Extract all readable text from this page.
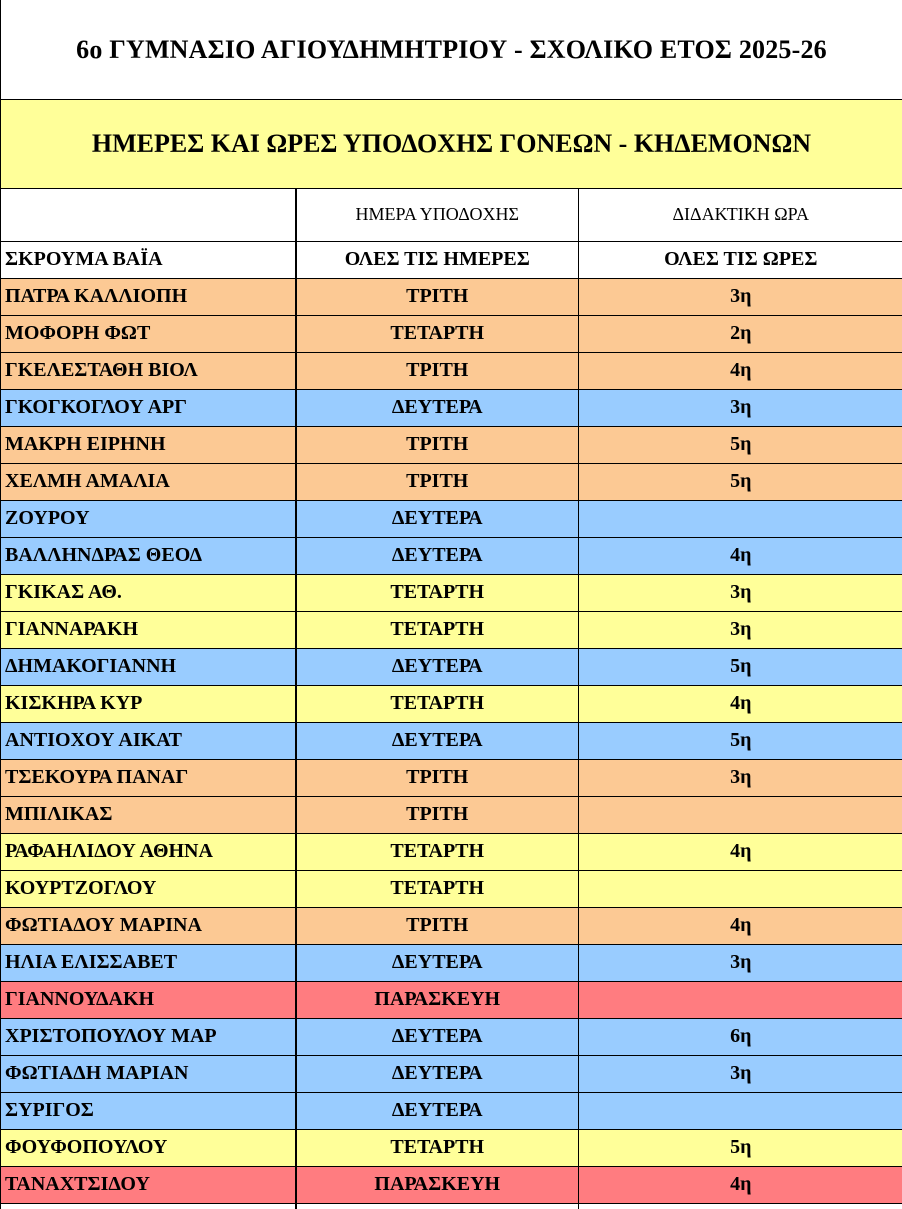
6ο ΓΥΜΝΑΣΙΟ ΑΓΙΟΥΔΗΜΗΤΡΙΟΥ - ΣΧΟΛΙΚΟ ΕΤΟΣ 2025-26
ΗΜΕΡΕΣ ΚΑΙ ΩΡΕΣ ΥΠΟΔΟΧΗΣ ΓΟΝΕΩΝ - ΚΗΔΕΜΟΝΩΝ
	ΗΜΕΡΑ ΥΠΟΔΟΧΗΣ	ΔΙΔΑΚΤΙΚΗ ΩΡΑ
ΣΚΡΟΥΜΑ ΒΑΪΑ	ΟΛΕΣ ΤΙΣ ΗΜΕΡΕΣ	ΟΛΕΣ ΤΙΣ ΩΡΕΣ
ΠΑΤΡΑ ΚΑΛΛΙΟΠΗ	ΤΡΙΤΗ	3η
ΜΟΦΟΡΗ ΦΩΤ	ΤΕΤΑΡΤΗ	2η
ΓΚΕΛΕΣΤΑΘΗ ΒΙΟΛ	ΤΡΙΤΗ	4η
ΓΚΟΓΚΟΓΛΟΥ ΑΡΓ	ΔΕΥΤΕΡΑ	3η
ΜΑΚΡΗ ΕΙΡΗΝΗ	ΤΡΙΤΗ	5η
ΧΕΛΜΗ ΑΜΑΛΙΑ	ΤΡΙΤΗ	5η
ΖΟΥΡΟΥ	ΔΕΥΤΕΡΑ	
ΒΑΛΛΗΝΔΡΑΣ ΘΕΟΔ	ΔΕΥΤΕΡΑ	4η
ΓΚΙΚΑΣ ΑΘ.	ΤΕΤΑΡΤΗ	3η
ΓΙΑΝΝΑΡΑΚΗ	ΤΕΤΑΡΤΗ	3η
ΔΗΜΑΚΟΓΙΑΝΝΗ	ΔΕΥΤΕΡΑ	5η
ΚΙΣΚΗΡΑ ΚΥΡ	ΤΕΤΑΡΤΗ	4η
ΑΝΤΙΟΧΟΥ ΑΙΚΑΤ	ΔΕΥΤΕΡΑ	5η
ΤΣΕΚΟΥΡΑ ΠΑΝΑΓ	ΤΡΙΤΗ	3η
ΜΠΙΛΙΚΑΣ	ΤΡΙΤΗ	
ΡΑΦΑΗΛΙΔΟΥ ΑΘΗΝΑ	ΤΕΤΑΡΤΗ	4η
ΚΟΥΡΤΖΟΓΛΟΥ	ΤΕΤΑΡΤΗ	
ΦΩΤΙΑΔΟΥ ΜΑΡΙΝΑ	ΤΡΙΤΗ	4η
ΗΛΙΑ ΕΛΙΣΣΑΒΕΤ	ΔΕΥΤΕΡΑ	3η
ΓΙΑΝΝΟΥΔΑΚΗ	ΠΑΡΑΣΚΕΥΗ	
ΧΡΙΣΤΟΠΟΥΛΟΥ ΜΑΡ	ΔΕΥΤΕΡΑ	6η
ΦΩΤΙΑΔΗ ΜΑΡΙΑΝ	ΔΕΥΤΕΡΑ	3η
ΣΥΡΙΓΟΣ	ΔΕΥΤΕΡΑ	
ΦΟΥΦΟΠΟΥΛΟΥ	ΤΕΤΑΡΤΗ	5η
ΤΑΝΑΧΤΣΙΔΟΥ	ΠΑΡΑΣΚΕΥΗ	4η
